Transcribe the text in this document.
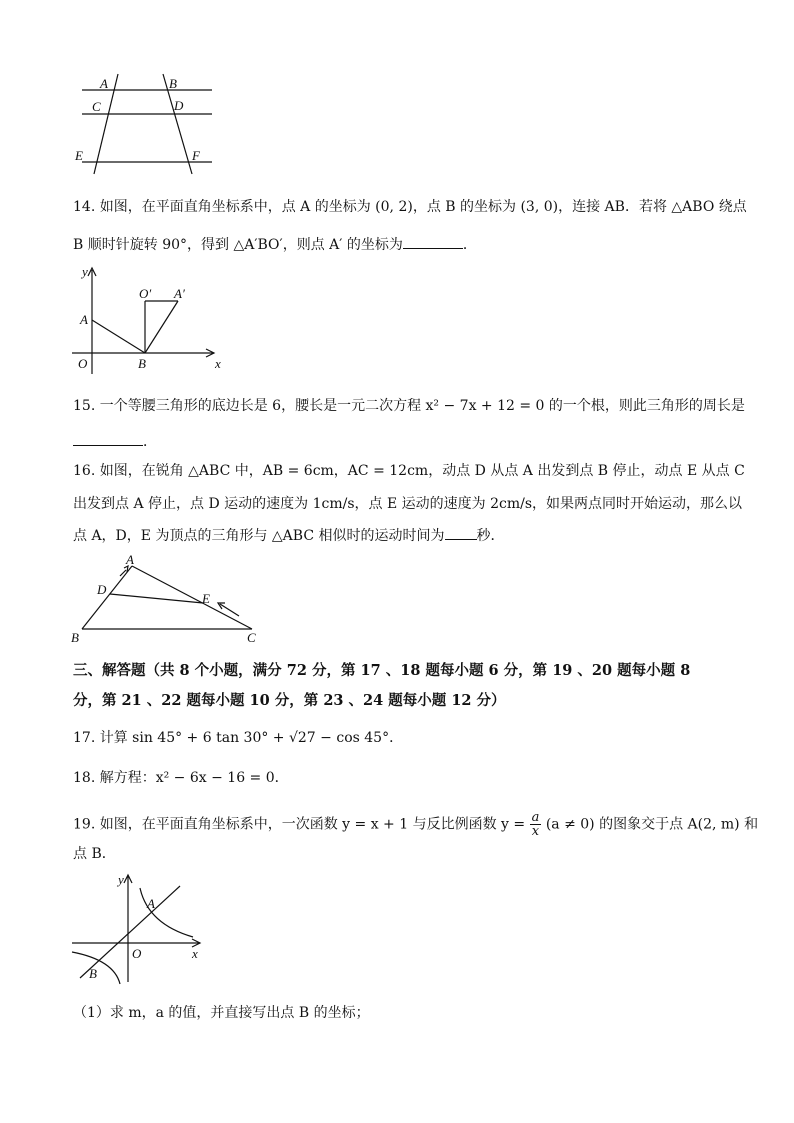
A	B
C	D
E	F
14. 如图，在平面直角坐标系中，点 A 的坐标为 (0, 2)，点 B 的坐标为 (3, 0)，连接 AB．若将 △ABO 绕点
B 顺时针旋转 90°，得到 △A′BO′，则点 A′ 的坐标为	．
y
x
O
A
B
O′ A′
15. 一个等腰三角形的底边长是 6，腰长是一元二次方程 x² − 7x + 12 = 0 的一个根，则此三角形的周长是
．
16. 如图，在锐角 △ABC 中，AB = 6cm，AC = 12cm，动点 D 从点 A 出发到点 B 停止，动点 E 从点 C
出发到点 A 停止，点 D 运动的速度为 1cm/s，点 E 运动的速度为 2cm/s，如果两点同时开始运动，那么以
点 A，D，E 为顶点的三角形与 △ABC 相似时的运动时间为 秒．
A
B	C
D
E
三、解答题（共 8 个小题，满分 72 分，第 17 、18 题每小题 6 分，第 19 、20 题每小题 8
分，第 21 、22 题每小题 10 分，第 23 、24 题每小题 12 分）
17. 计算 sin 45° + 6 tan 30° + √27 − cos 45°．
18. 解方程：x² − 6x − 16 = 0．
19. 如图，在平面直角坐标系中，一次函数 y = x + 1 与反比例函数 $y = \frac{a}{x} (a \ne 0)$ 的图象交于点 A(2, m) 和
点 B．
y
x
O
A
B
（1）求 m，a 的值，并直接写出点 B 的坐标；
